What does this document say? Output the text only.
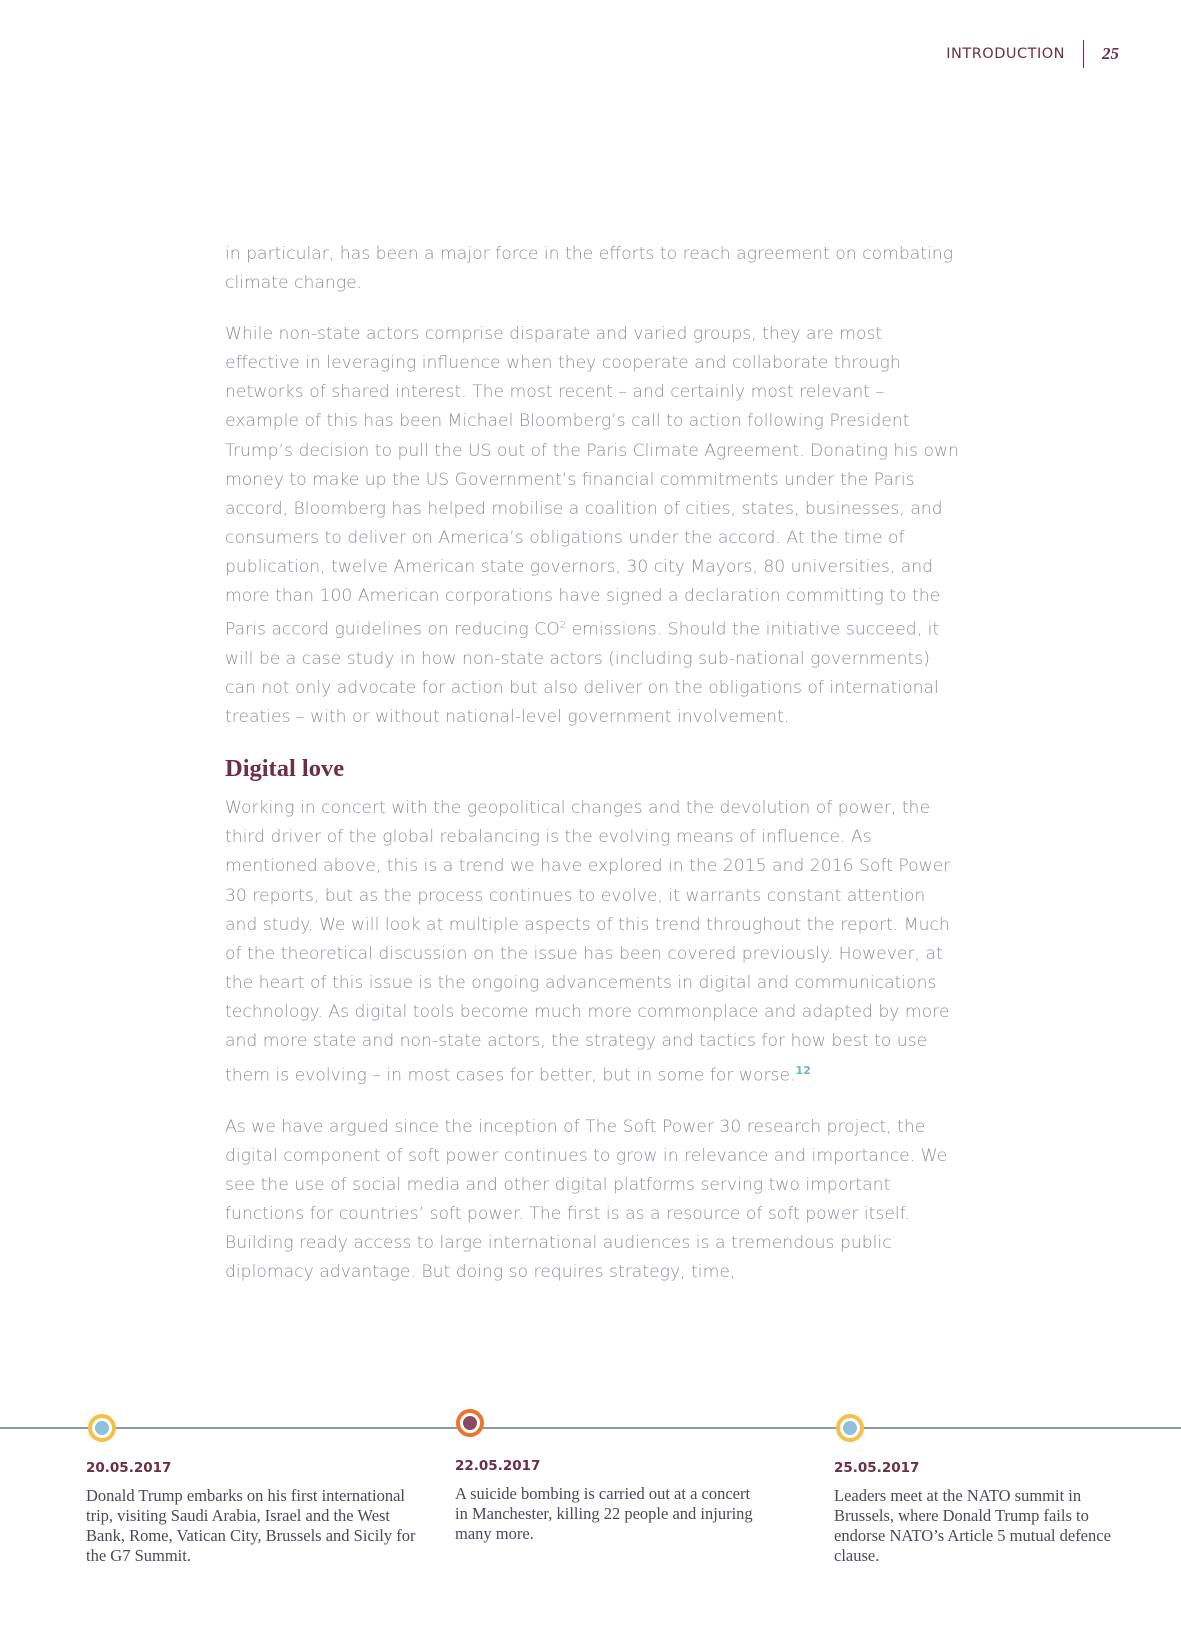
INTRODUCTION 25

in particular, has been a major force in the efforts to reach agreement on combating climate change.

While non-state actors comprise disparate and varied groups, they are most effective in leveraging influence when they cooperate and collaborate through networks of shared interest. The most recent – and certainly most relevant – example of this has been Michael Bloomberg’s call to action following President Trump’s decision to pull the US out of the Paris Climate Agreement. Donating his own money to make up the US Government’s financial commitments under the Paris accord, Bloomberg has helped mobilise a coalition of cities, states, businesses, and consumers to deliver on America’s obligations under the accord. At the time of publication, twelve American state governors, 30 city Mayors, 80 universities, and more than 100 American corporations have signed a declaration committing to the Paris accord guidelines on reducing $CO^2$ emissions. Should the initiative succeed, it will be a case study in how non-state actors (including sub-national governments) can not only advocate for action but also deliver on the obligations of international treaties – with or without national-level government involvement.

Digital love

Working in concert with the geopolitical changes and the devolution of power, the third driver of the global rebalancing is the evolving means of influence. As mentioned above, this is a trend we have explored in the 2015 and 2016 Soft Power 30 reports, but as the process continues to evolve, it warrants constant attention and study. We will look at multiple aspects of this trend throughout the report. Much of the theoretical discussion on the issue has been covered previously. However, at the heart of this issue is the ongoing advancements in digital and communications technology. As digital tools become much more commonplace and adapted by more and more state and non-state actors, the strategy and tactics for how best to use them is evolving – in most cases for better, but in some for worse.$^{12}$

As we have argued since the inception of The Soft Power 30 research project, the digital component of soft power continues to grow in relevance and importance. We see the use of social media and other digital platforms serving two important functions for countries’ soft power. The first is as a resource of soft power itself. Building ready access to large international audiences is a tremendous public diplomacy advantage. But doing so requires strategy, time,

20.05.2017
Donald Trump embarks on his first international trip, visiting Saudi Arabia, Israel and the West Bank, Rome, Vatican City, Brussels and Sicily for the G7 Summit.
22.05.2017
A suicide bombing is carried out at a concert in Manchester, killing 22 people and injuring many more.
25.05.2017
Leaders meet at the NATO summit in Brussels, where Donald Trump fails to endorse NATO’s Article 5 mutual defence clause.
